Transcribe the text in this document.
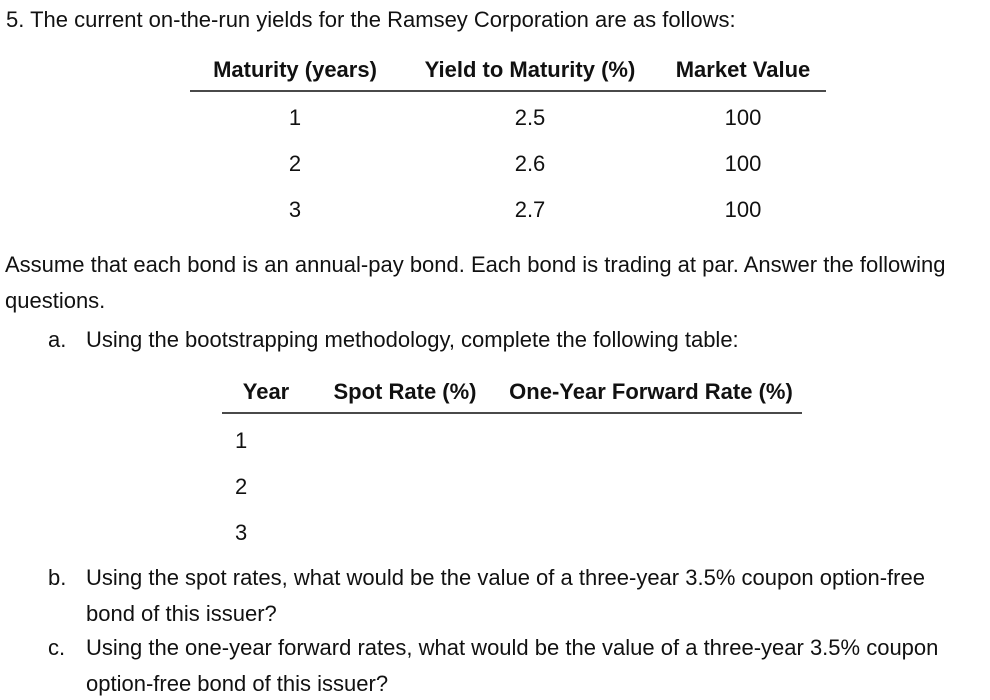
5. The current on-the-run yields for the Ramsey Corporation are as follows:
Maturity (years)	Yield to Maturity (%)	Market Value
1	2.5	100
2	2.6	100
3	2.7	100
Assume that each bond is an annual-pay bond. Each bond is trading at par. Answer the following questions.
a. Using the bootstrapping methodology, complete the following table:
Year	Spot Rate (%)	One-Year Forward Rate (%)
1
2
3
b. Using the spot rates, what would be the value of a three-year 3.5% coupon option-free bond of this issuer?
c. Using the one-year forward rates, what would be the value of a three-year 3.5% coupon option-free bond of this issuer?
